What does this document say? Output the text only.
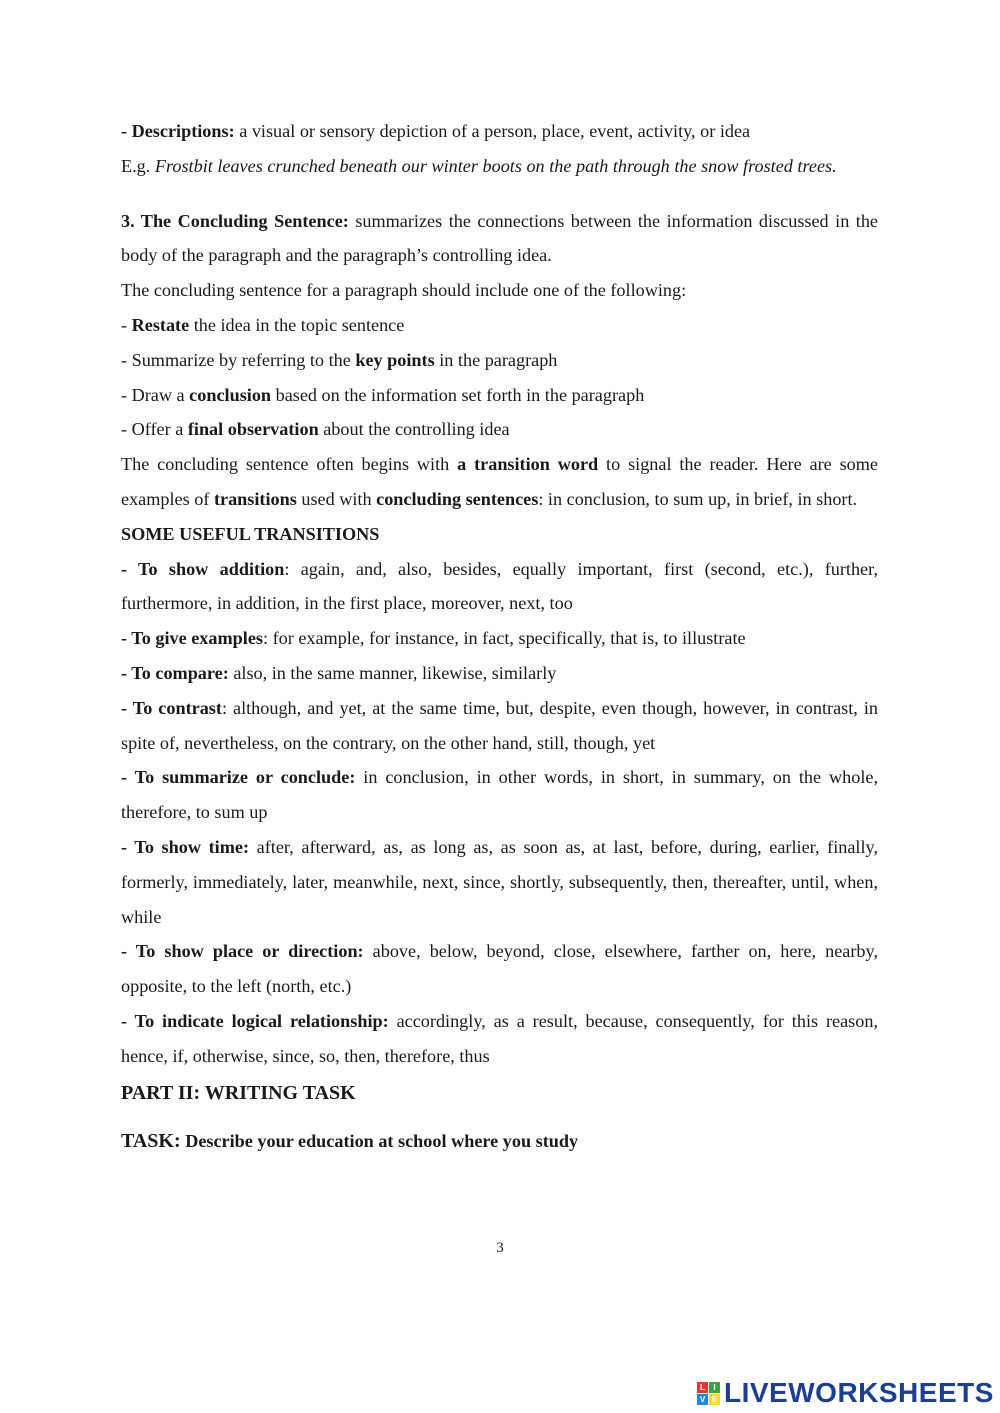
- Descriptions: a visual or sensory depiction of a person, place, event, activity, or idea

E.g. Frostbit leaves crunched beneath our winter boots on the path through the snow frosted trees.

3. The Concluding Sentence: summarizes the connections between the information discussed in the body of the paragraph and the paragraph’s controlling idea.

The concluding sentence for a paragraph should include one of the following:

- Restate the idea in the topic sentence

- Summarize by referring to the key points in the paragraph

- Draw a conclusion based on the information set forth in the paragraph

- Offer a final observation about the controlling idea

The concluding sentence often begins with a transition word to signal the reader. Here are some examples of transitions used with concluding sentences: in conclusion, to sum up, in brief, in short.

SOME USEFUL TRANSITIONS

- To show addition: again, and, also, besides, equally important, first (second, etc.), further, furthermore, in addition, in the first place, moreover, next, too

- To give examples: for example, for instance, in fact, specifically, that is, to illustrate

- To compare: also, in the same manner, likewise, similarly

- To contrast: although, and yet, at the same time, but, despite, even though, however, in contrast, in spite of, nevertheless, on the contrary, on the other hand, still, though, yet

- To summarize or conclude: in conclusion, in other words, in short, in summary, on the whole, therefore, to sum up

- To show time: after, afterward, as, as long as, as soon as, at last, before, during, earlier, finally, formerly, immediately, later, meanwhile, next, since, shortly, subsequently, then, thereafter, until, when, while

- To show place or direction: above, below, beyond, close, elsewhere, farther on, here, nearby, opposite, to the left (north, etc.)

- To indicate logical relationship: accordingly, as a result, because, consequently, for this reason, hence, if, otherwise, since, so, then, therefore, thus

PART II: WRITING TASK

TASK: Describe your education at school where you study

3
L	I
V E LIVEWORKSHEETS
